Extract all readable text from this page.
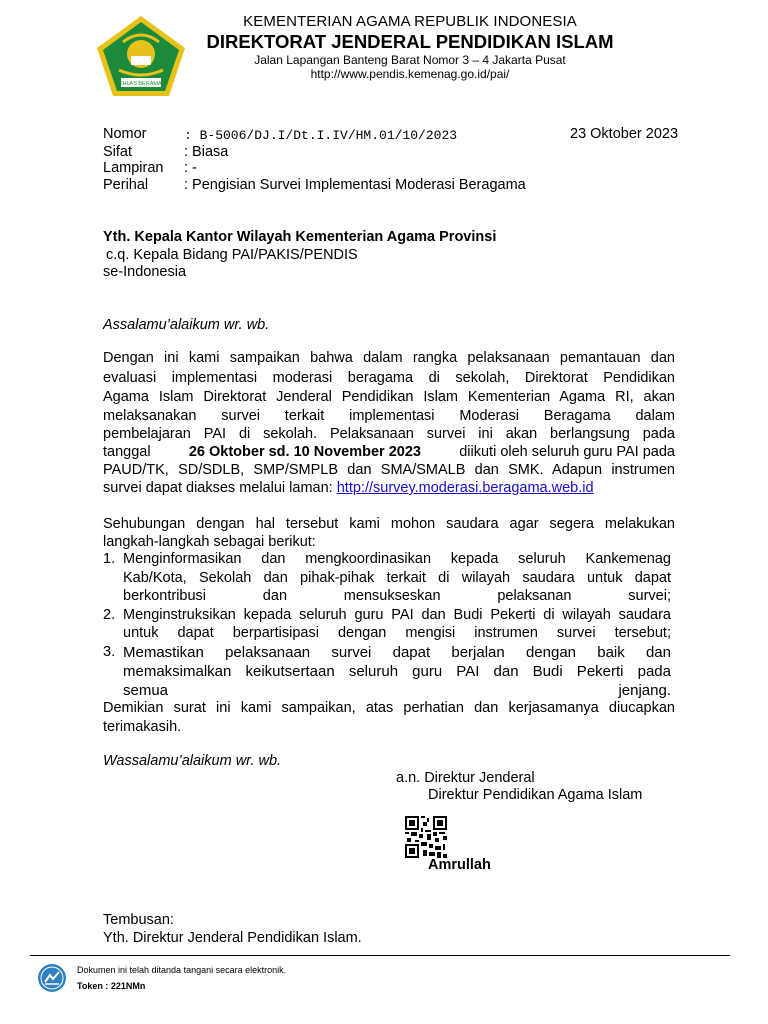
IKHLAS BERAMAL
KEMENTERIAN AGAMA REPUBLIK INDONESIA
DIREKTORAT JENDERAL PENDIDIKAN ISLAM
Jalan Lapangan Banteng Barat Nomor 3 – 4 Jakarta Pusat
http://www.pendis.kemenag.go.id/pai/
Nomor	: B-5006/DJ.I/Dt.I.IV/HM.01/10/2023	23 Oktober 2023
Sifat	: Biasa
Lampiran : -
Perihal : Pengisian Survei Implementasi Moderasi Beragama
Yth. Kepala Kantor Wilayah Kementerian Agama Provinsi
c.q. Kepala Bidang PAI/PAKIS/PENDIS
se-Indonesia
Assalamu’alaikum wr. wb.
Dengan ini kami sampaikan bahwa dalam rangka pelaksanaan pemantauan dan
evaluasi implementasi moderasi beragama di sekolah, Direktorat Pendidikan
Agama Islam Direktorat Jenderal Pendidikan Islam Kementerian Agama RI, akan
melaksanakan survei terkait implementasi Moderasi Beragama dalam
pembelajaran PAI di sekolah. Pelaksanaan survei ini akan berlangsung pada
tanggal	26 Oktober sd. 10 November 2023	diikuti oleh seluruh guru PAI pada
PAUD/TK, SD/SDLB, SMP/SMPLB dan SMA/SMALB dan SMK. Adapun instrumen
survei dapat diakses melalui laman: http://survey.moderasi.beragama.web.id
Sehubungan dengan hal tersebut kami mohon saudara agar segera melakukan
langkah-langkah sebagai berikut:
1. Menginformasikan dan mengkoordinasikan kepada seluruh Kankemenag
Kab/Kota, Sekolah dan pihak-pihak terkait di wilayah saudara untuk dapat
berkontribusi dan mensukseskan pelaksanan survei;
2. Menginstruksikan kepada seluruh guru PAI dan Budi Pekerti di wilayah saudara
untuk dapat berpartisipasi dengan mengisi instrumen survei tersebut;
3. Memastikan pelaksanaan survei dapat berjalan dengan baik dan
memaksimalkan keikutsertaan seluruh guru PAI dan Budi Pekerti pada
semua jenjang.
Demikian surat ini kami sampaikan, atas perhatian dan kerjasamanya diucapkan
terimakasih.
Wassalamu’alaikum wr. wb.
a.n. Direktur Jenderal
Direktur Pendidikan Agama Islam
Amrullah
Tembusan:
Yth. Direktur Jenderal Pendidikan Islam.
Dokumen ini telah ditanda tangani secara elektronik.
Token : 221NMn
